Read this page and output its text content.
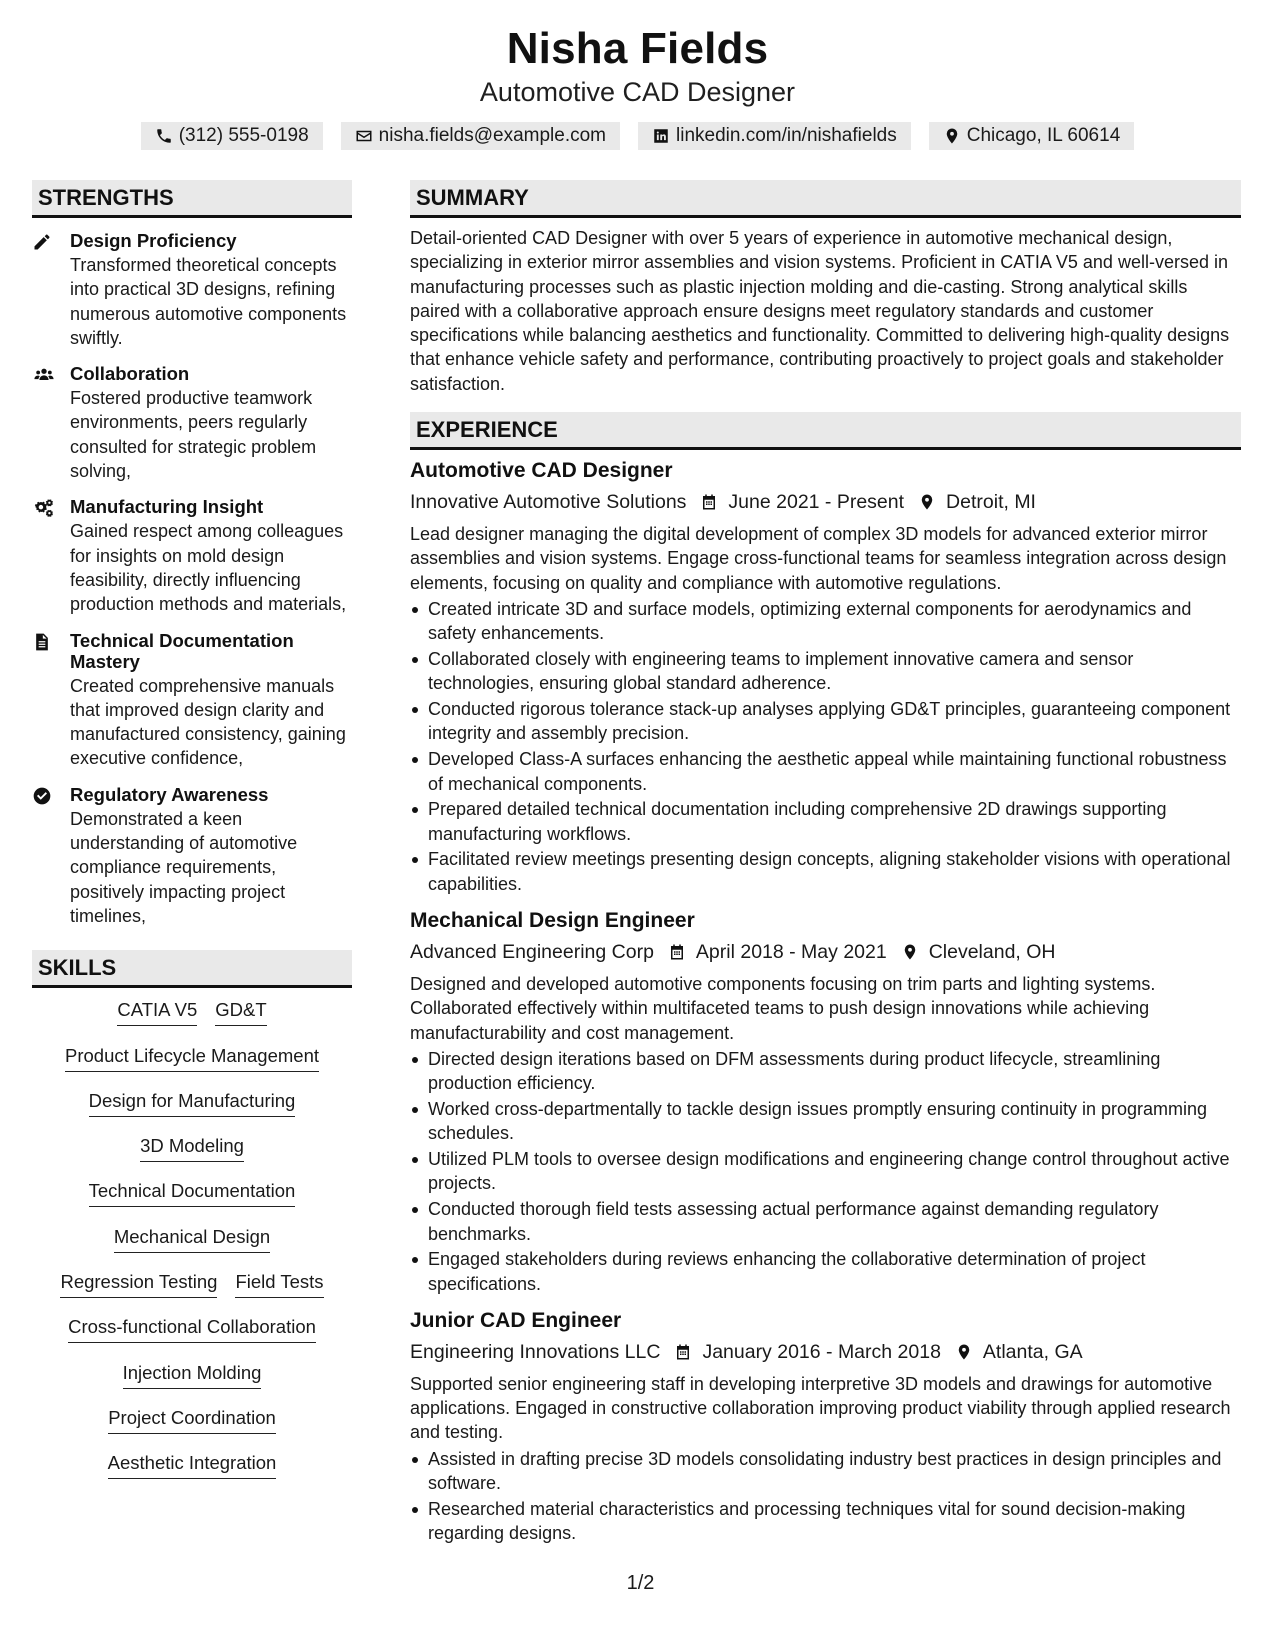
Nisha Fields
Automotive CAD Designer
(312) 555-0198	nisha.fields@example.com	linkedin.com/in/nishafields	Chicago, IL 60614
STRENGTHS
Design Proficiency
Transformed theoretical concepts into practical 3D designs, refining numerous automotive components swiftly.
Collaboration
Fostered productive teamwork environments, peers regularly consulted for strategic problem solving,
Manufacturing Insight
Gained respect among colleagues for insights on mold design feasibility, directly influencing production methods and materials,
Technical Documentation Mastery
Created comprehensive manuals that improved design clarity and manufactured consistency, gaining executive confidence,
Regulatory Awareness
Demonstrated a keen understanding of automotive compliance requirements, positively impacting project timelines,
SKILLS
CATIA V5 GD&T
Product Lifecycle Management
Design for Manufacturing
3D Modeling
Technical Documentation
Mechanical Design
Regression Testing Field Tests
Cross-functional Collaboration
Injection Molding
Project Coordination
Aesthetic Integration
SUMMARY
Detail-oriented CAD Designer with over 5 years of experience in automotive mechanical design, specializing in exterior mirror assemblies and vision systems. Proficient in CATIA V5 and well-versed in manufacturing processes such as plastic injection molding and die-casting. Strong analytical skills paired with a collaborative approach ensure designs meet regulatory standards and customer specifications while balancing aesthetics and functionality. Committed to delivering high-quality designs that enhance vehicle safety and performance, contributing proactively to project goals and stakeholder satisfaction.
EXPERIENCE
Automotive CAD Designer
Innovative Automotive Solutions June 2021 - Present Detroit, MI
Lead designer managing the digital development of complex 3D models for advanced exterior mirror assemblies and vision systems. Engage cross-functional teams for seamless integration across design elements, focusing on quality and compliance with automotive regulations.
Created intricate 3D and surface models, optimizing external components for aerodynamics and safety enhancements.
Collaborated closely with engineering teams to implement innovative camera and sensor technologies, ensuring global standard adherence.
Conducted rigorous tolerance stack-up analyses applying GD&T principles, guaranteeing component integrity and assembly precision.
Developed Class-A surfaces enhancing the aesthetic appeal while maintaining functional robustness of mechanical components.
Prepared detailed technical documentation including comprehensive 2D drawings supporting manufacturing workflows.
Facilitated review meetings presenting design concepts, aligning stakeholder visions with operational capabilities.
Mechanical Design Engineer
Advanced Engineering Corp April 2018 - May 2021 Cleveland, OH
Designed and developed automotive components focusing on trim parts and lighting systems. Collaborated effectively within multifaceted teams to push design innovations while achieving manufacturability and cost management.
Directed design iterations based on DFM assessments during product lifecycle, streamlining production efficiency.
Worked cross-departmentally to tackle design issues promptly ensuring continuity in programming schedules.
Utilized PLM tools to oversee design modifications and engineering change control throughout active projects.
Conducted thorough field tests assessing actual performance against demanding regulatory benchmarks.
Engaged stakeholders during reviews enhancing the collaborative determination of project specifications.
Junior CAD Engineer
Engineering Innovations LLC January 2016 - March 2018 Atlanta, GA
Supported senior engineering staff in developing interpretive 3D models and drawings for automotive applications. Engaged in constructive collaboration improving product viability through applied research and testing.
Assisted in drafting precise 3D models consolidating industry best practices in design principles and software.
Researched material characteristics and processing techniques vital for sound decision-making regarding designs.
1/2
